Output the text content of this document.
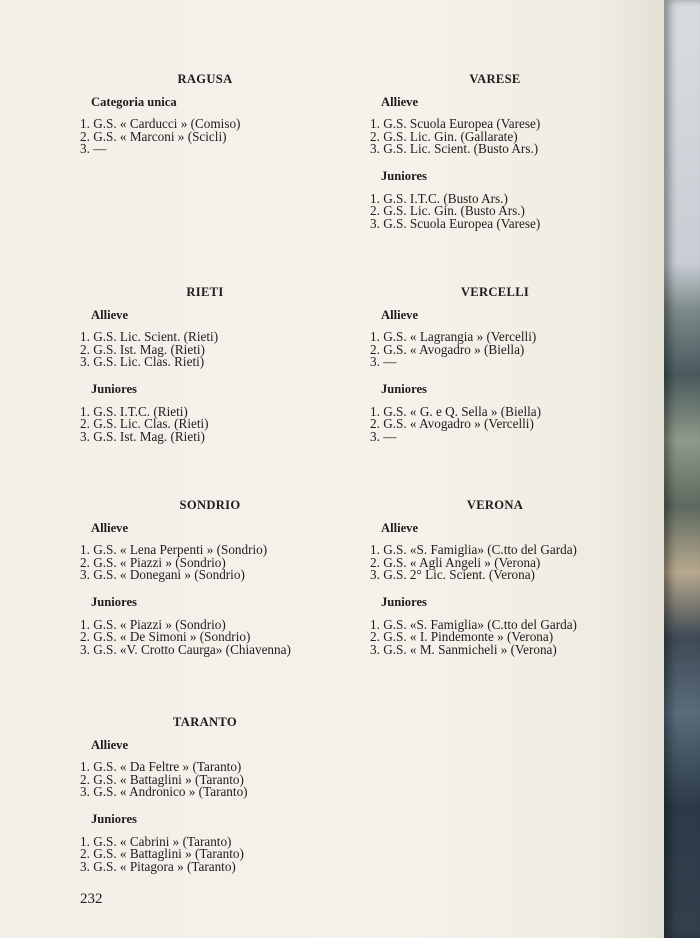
RAGUSA
Categoria unica
1. G.S. « Carducci » (Comiso)
2. G.S. « Marconi » (Scicli)
3. —
VARESE
Allieve
1. G.S. Scuola Europea (Varese)
2. G.S. Lic. Gin. (Gallarate)
3. G.S. Lic. Scient. (Busto Ars.)
Juniores
1. G.S. I.T.C. (Busto Ars.)
2. G.S. Lic. Gin. (Busto Ars.)
3. G.S. Scuola Europea (Varese)
RIETI
Allieve
1. G.S. Lic. Scient. (Rieti)
2. G.S. Ist. Mag. (Rieti)
3. G.S. Lic. Clas. Rieti)
Juniores
1. G.S. I.T.C. (Rieti)
2. G.S. Lic. Clas. (Rieti)
3. G.S. Ist. Mag. (Rieti)
VERCELLI
Allieve
1. G.S. « Lagrangia » (Vercelli)
2. G.S. « Avogadro » (Biella)
3. —
Juniores
1. G.S. « G. e Q. Sella » (Biella)
2. G.S. « Avogadro » (Vercelli)
3. —
SONDRIO
Allieve
1. G.S. « Lena Perpenti » (Sondrio)
2. G.S. « Piazzi » (Sondrio)
3. G.S. « Donegani » (Sondrio)
Juniores
1. G.S. « Piazzi » (Sondrio)
2. G.S. « De Simoni » (Sondrio)
3. G.S. «V. Crotto Caurga» (Chiavenna)
VERONA
Allieve
1. G.S. «S. Famiglia» (C.tto del Garda)
2. G.S. « Agli Angeli » (Verona)
3. G.S. 2° Lic. Scient. (Verona)
Juniores
1. G.S. «S. Famiglia» (C.tto del Garda)
2. G.S. « I. Pindemonte » (Verona)
3. G.S. « M. Sanmicheli » (Verona)
TARANTO
Allieve
1. G.S. « Da Feltre » (Taranto)
2. G.S. « Battaglini » (Taranto)
3. G.S. « Andronico » (Taranto)
Juniores
1. G.S. « Cabrini » (Taranto)
2. G.S. « Battaglini » (Taranto)
3. G.S. « Pitagora » (Taranto)
232
